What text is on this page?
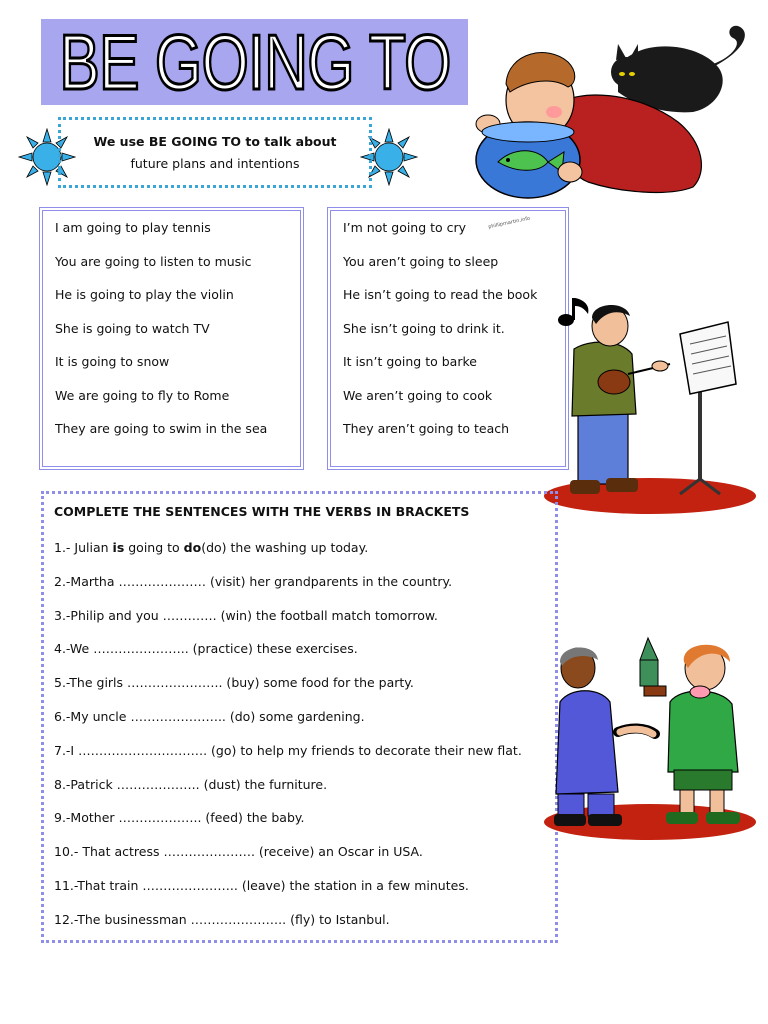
BE GOING TO
We use BE GOING TO to talk about
future plans and intentions
I am going to play tennis
You are going to listen to music
He is going to play the violin
She is going to watch TV
It is going to snow
We are going to fly to Rome
They are going to swim in the sea
I’m not going to cry
You aren’t going to sleep
He isn’t going to read the book
She isn’t going to drink it.
It isn’t going to barke
We aren’t going to cook
They aren’t going to teach
phillipmartin.info
COMPLETE THE SENTENCES WITH THE VERBS IN BRACKETS
1.- Julian is going to do(do) the washing up today.
2.-Martha ………………… (visit) her grandparents in the country.
3.-Philip and you …………. (win) the football match tomorrow.
4.-We ………………….. (practice) these exercises.
5.-The girls ………………….. (buy) some food for the party.
6.-My uncle ………………….. (do) some gardening.
7.-I …………………………. (go) to help my friends to decorate their new flat.
8.-Patrick ……………….. (dust) the furniture.
9.-Mother ……………….. (feed) the baby.
10.- That actress …………………. (receive) an Oscar in USA.
11.-That train ………………….. (leave) the station in a few minutes.
12.-The businessman ………………….. (fly) to Istanbul.
